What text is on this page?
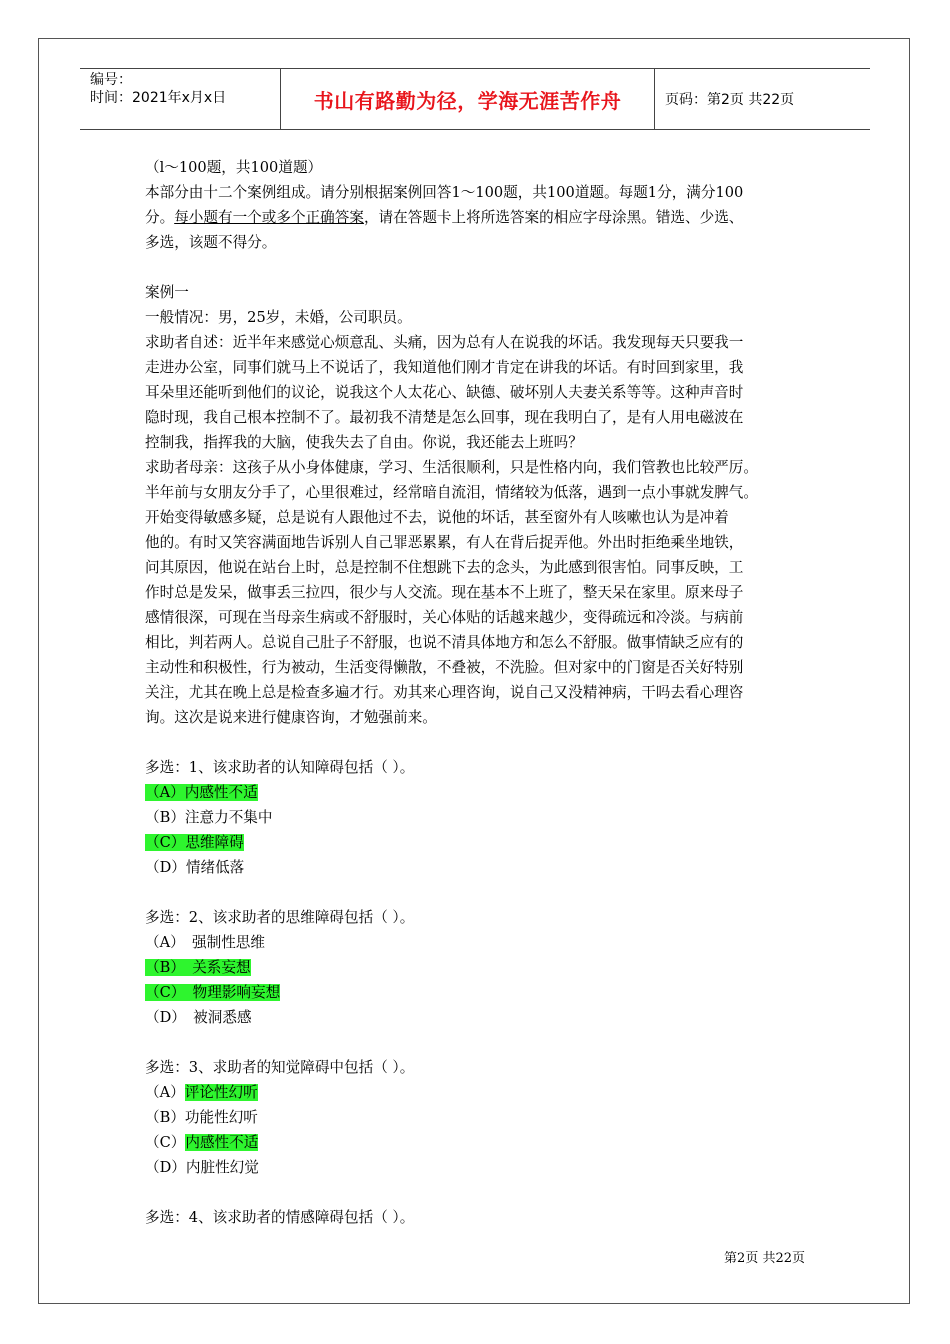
编号：
时间：2021年x月x日	书山有路勤为径，学海无涯苦作舟	页码：第2页 共22页

（l～100题，共100道题）

本部分由十二个案例组成。请分别根据案例回答1～100题，共100道题。每题1分，满分100

分。每小题有一个或多个正确答案，请在答题卡上将所选答案的相应字母涂黑。错选、少选、

多选，该题不得分。

案例一

一般情况：男，25岁，未婚，公司职员。

求助者自述：近半年来感觉心烦意乱、头痛，因为总有人在说我的坏话。我发现每天只要我一

走进办公室，同事们就马上不说话了，我知道他们刚才肯定在讲我的坏话。有时回到家里，我

耳朵里还能听到他们的议论，说我这个人太花心、缺德、破坏别人夫妻关系等等。这种声音时

隐时现，我自己根本控制不了。最初我不清楚是怎么回事，现在我明白了，是有人用电磁波在

控制我，指挥我的大脑，使我失去了自由。你说，我还能去上班吗？

求助者母亲：这孩子从小身体健康，学习、生活很顺利，只是性格内向，我们管教也比较严厉。

半年前与女朋友分手了，心里很难过，经常暗自流泪，情绪较为低落，遇到一点小事就发脾气。

开始变得敏感多疑，总是说有人跟他过不去，说他的坏话，甚至窗外有人咳嗽也认为是冲着

他的。有时又笑容满面地告诉别人自己罪恶累累，有人在背后捉弄他。外出时拒绝乘坐地铁，

问其原因，他说在站台上时，总是控制不住想跳下去的念头，为此感到很害怕。同事反映，工

作时总是发呆，做事丢三拉四，很少与人交流。现在基本不上班了，整天呆在家里。原来母子

感情很深，可现在当母亲生病或不舒服时，关心体贴的话越来越少，变得疏远和冷淡。与病前

相比，判若两人。总说自己肚子不舒服，也说不清具体地方和怎么不舒服。做事情缺乏应有的

主动性和积极性，行为被动，生活变得懒散，不叠被，不洗脸。但对家中的门窗是否关好特别

关注，尤其在晚上总是检查多遍才行。劝其来心理咨询，说自己又没精神病，干吗去看心理咨

询。这次是说来进行健康咨询，才勉强前来。

多选：1、该求助者的认知障碍包括（ ）。

（A）内感性不适

（B）注意力不集中

（C）思维障碍

（D）情绪低落

多选：2、该求助者的思维障碍包括（ ）。

（A）　强制性思维

（B）　关系妄想

（C）　物理影响妄想

（D）　被洞悉感

多选：3、求助者的知觉障碍中包括（ ）。

（A）评论性幻听

（B）功能性幻听

（C）内感性不适

（D）内脏性幻觉

多选：4、该求助者的情感障碍包括（ ）。

第2页 共22页
